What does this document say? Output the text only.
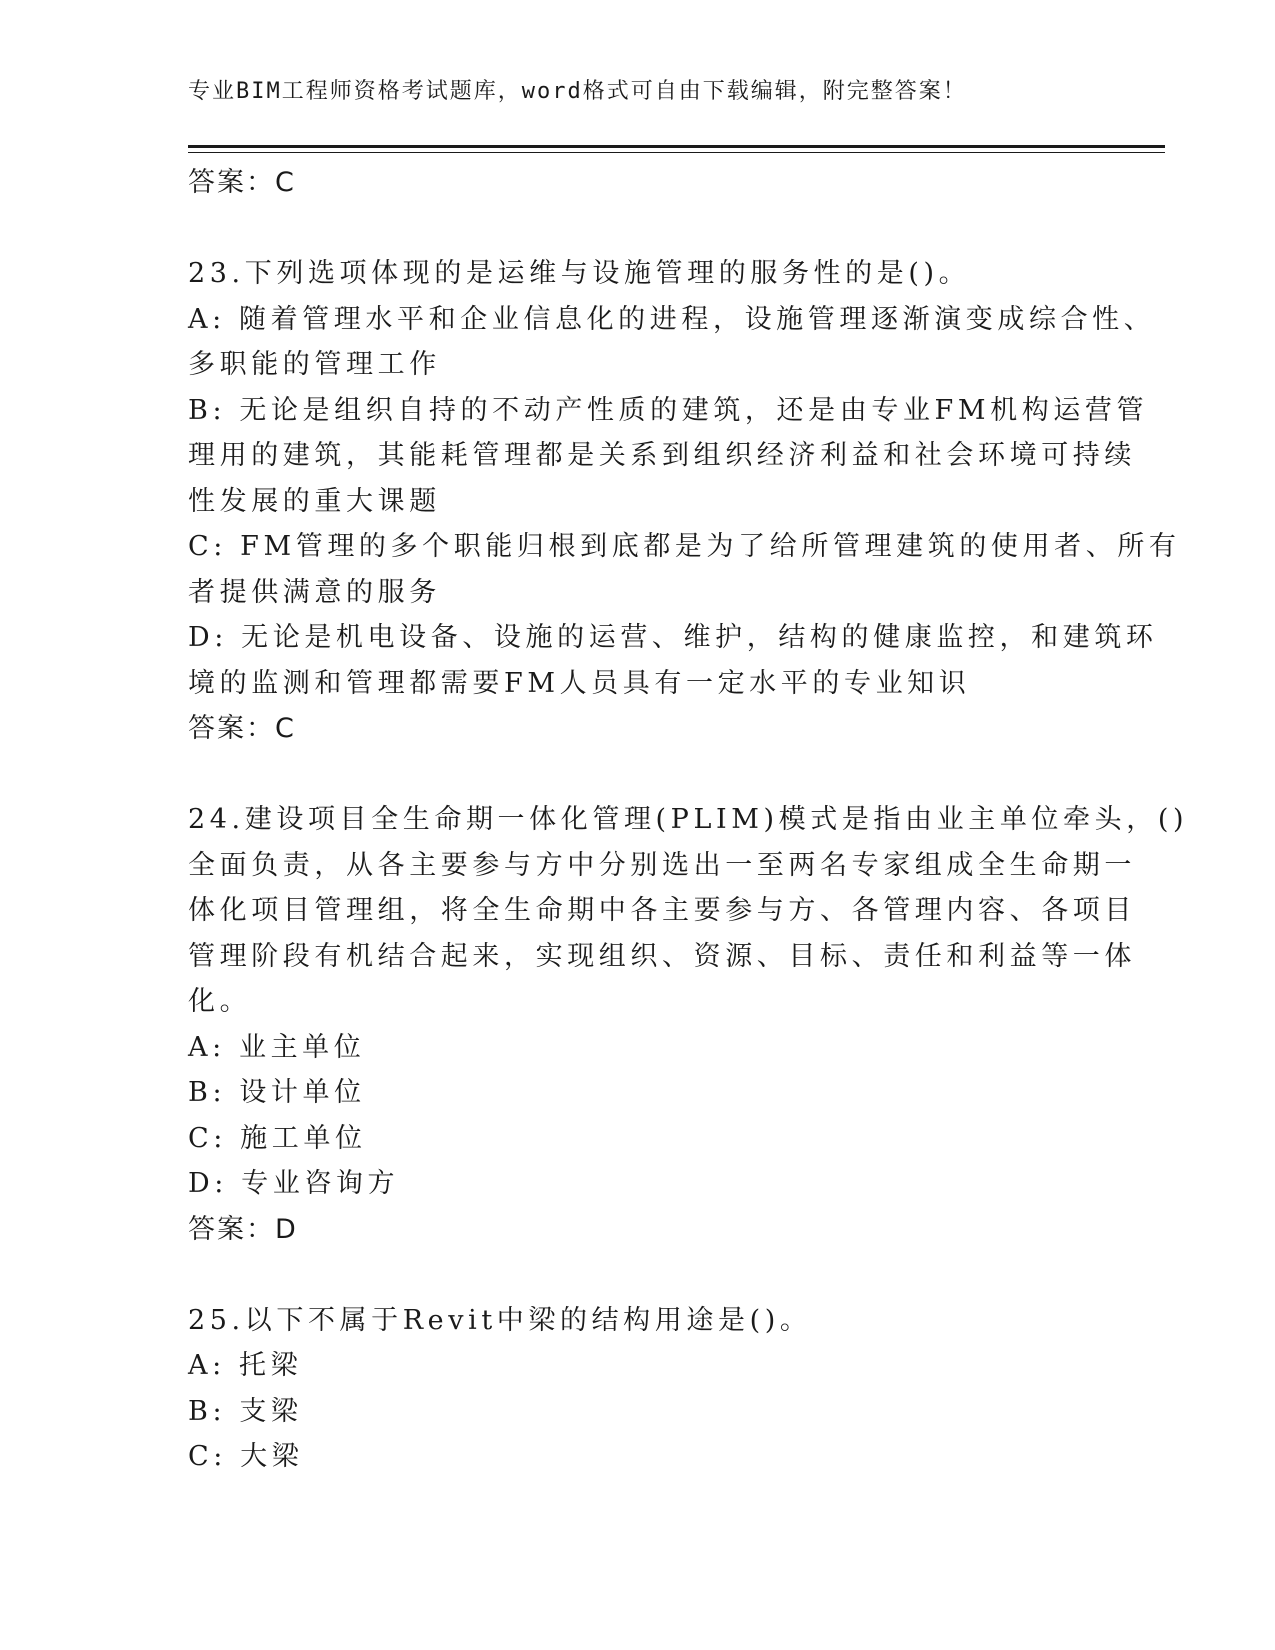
专业BIM工程师资格考试题库，word格式可自由下载编辑，附完整答案！
答案：C
23.下列选项体现的是运维与设施管理的服务性的是()。
A: 随着管理水平和企业信息化的进程，设施管理逐渐演变成综合性、
多职能的管理工作
B: 无论是组织自持的不动产性质的建筑，还是由专业FM机构运营管
理用的建筑，其能耗管理都是关系到组织经济利益和社会环境可持续
性发展的重大课题
C: FM管理的多个职能归根到底都是为了给所管理建筑的使用者、所有
者提供满意的服务
D: 无论是机电设备、设施的运营、维护，结构的健康监控，和建筑环
境的监测和管理都需要FM人员具有一定水平的专业知识
答案：C
24.建设项目全生命期一体化管理(PLIM)模式是指由业主单位牵头，()
全面负责，从各主要参与方中分别选出一至两名专家组成全生命期一
体化项目管理组，将全生命期中各主要参与方、各管理内容、各项目
管理阶段有机结合起来，实现组织、资源、目标、责任和利益等一体
化。
A: 业主单位
B: 设计单位
C: 施工单位
D: 专业咨询方
答案：D
25.以下不属于Revit中梁的结构用途是()。
A: 托梁
B: 支梁
C: 大梁
